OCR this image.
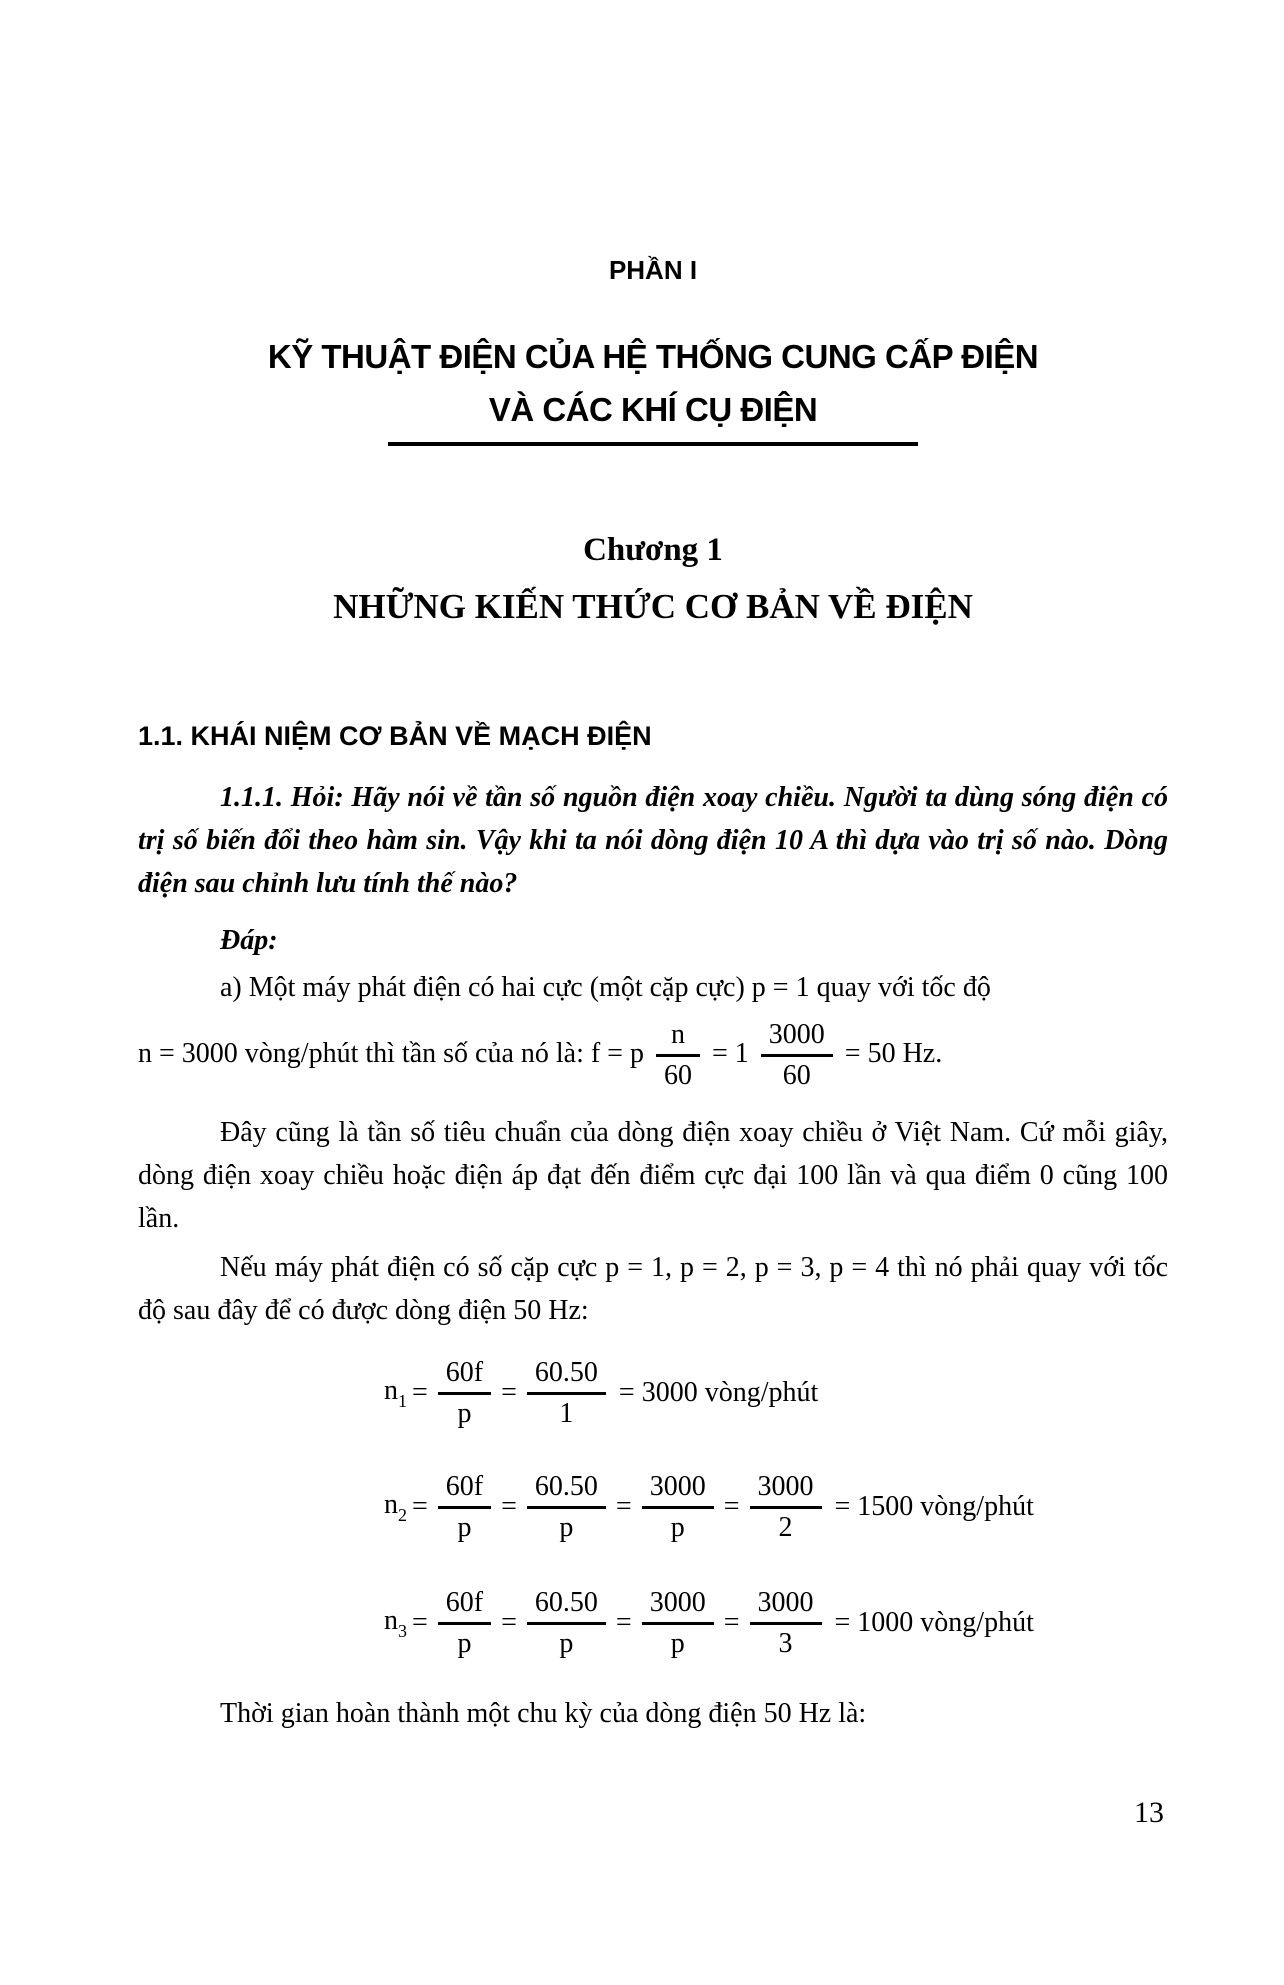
PHẦN I
KỸ THUẬT ĐIỆN CỦA HỆ THỐNG CUNG CẤP ĐIỆN
VÀ CÁC KHÍ CỤ ĐIỆN
Chương 1
NHỮNG KIẾN THỨC CƠ BẢN VỀ ĐIỆN
1.1. KHÁI NIỆM CƠ BẢN VỀ MẠCH ĐIỆN

1.1.1. Hỏi: Hãy nói về tần số nguồn điện xoay chiều. Người ta dùng sóng điện có trị số biến đổi theo hàm sin. Vậy khi ta nói dòng điện 10 A thì dựa vào trị số nào. Dòng điện sau chỉnh lưu tính thế nào?

Đáp:

a) Một máy phát điện có hai cực (một cặp cực) p = 1 quay với tốc độ

n = 3000 vòng/phút thì tần số của nó là: f = p $\frac{n}{60} = 1 \frac{3000}{60} = 50$ Hz.

Đây cũng là tần số tiêu chuẩn của dòng điện xoay chiều ở Việt Nam. Cứ mỗi giây, dòng điện xoay chiều hoặc điện áp đạt đến điểm cực đại 100 lần và qua điểm 0 cũng 100 lần.

Nếu máy phát điện có số cặp cực p = 1, p = 2, p = 3, p = 4 thì nó phải quay với tốc độ sau đây để có được dòng điện 50 Hz:

$n_1 = \frac{60f}{p} = \frac{60.50}{1} = 3000$ vòng/phút
$n_2 = \frac{60f}{p} = \frac{60.50}{p} = \frac{3000}{p} = \frac{3000}{2} = 1500$ vòng/phút
$n_3 = \frac{60f}{p} = \frac{60.50}{p} = \frac{3000}{p} = \frac{3000}{3} = 1000$ vòng/phút

Thời gian hoàn thành một chu kỳ của dòng điện 50 Hz là:

13
